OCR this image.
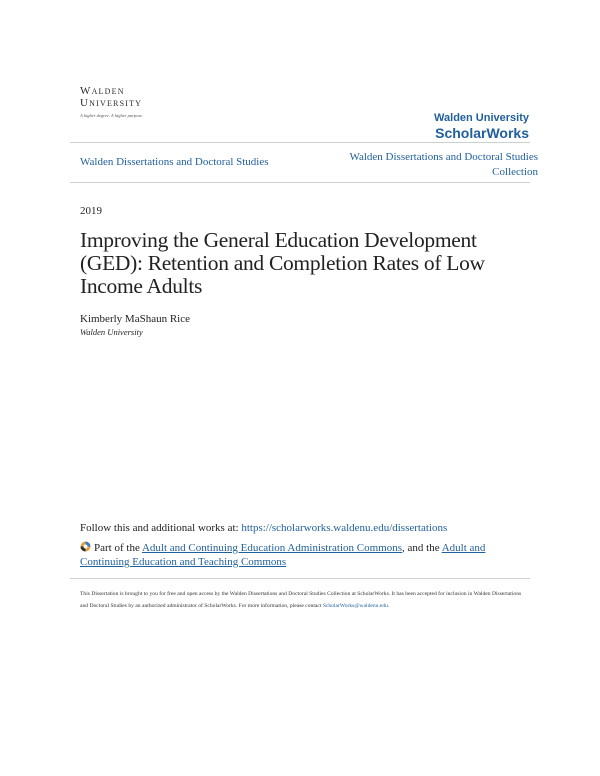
Walden
University
A higher degree. A higher purpose.	Walden University
ScholarWorks
Walden Dissertations and Doctoral Studies	Walden Dissertations and Doctoral Studies Collection
2019
Improving the General Education Development (GED): Retention and Completion Rates of Low Income Adults
Kimberly MaShaun Rice
Walden University
Follow this and additional works at: https://scholarworks.waldenu.edu/dissertations
Part of the Adult and Continuing Education Administration Commons, and the Adult and Continuing Education and Teaching Commons
This Dissertation is brought to you for free and open access by the Walden Dissertations and Doctoral Studies Collection at ScholarWorks. It has been accepted for inclusion in Walden Dissertations and Doctoral Studies by an authorized administrator of ScholarWorks. For more information, please contact ScholarWorks@waldenu.edu.
